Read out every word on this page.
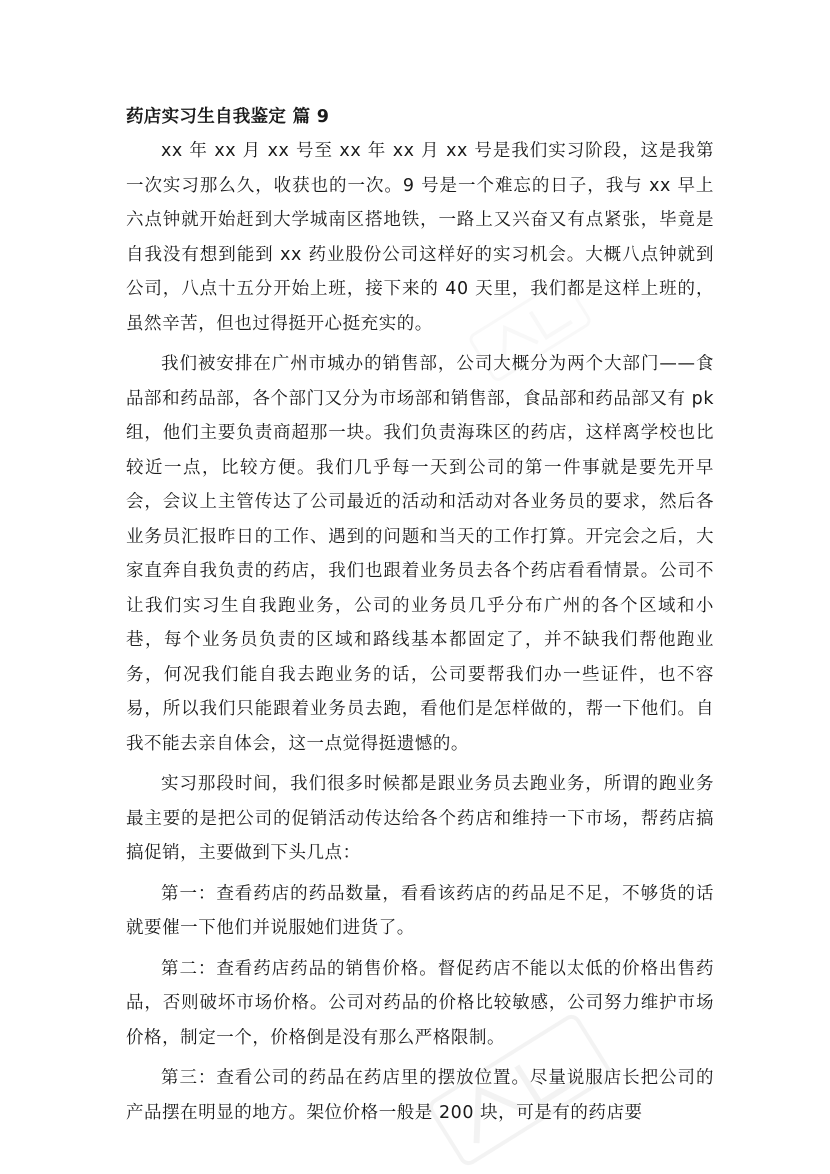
药店实习生自我鉴定 篇 9

xx 年 xx 月 xx 号至 xx 年 xx 月 xx 号是我们实习阶段，这是我第一次实习那么久，收获也的一次。9 号是一个难忘的日子，我与 xx 早上六点钟就开始赶到大学城南区搭地铁，一路上又兴奋又有点紧张，毕竟是自我没有想到能到 xx 药业股份公司这样好的实习机会。大概八点钟就到公司，八点十五分开始上班，接下来的 40 天里，我们都是这样上班的，虽然辛苦，但也过得挺开心挺充实的。

我们被安排在广州市城办的销售部，公司大概分为两个大部门——食品部和药品部，各个部门又分为市场部和销售部，食品部和药品部又有 pk 组，他们主要负责商超那一块。我们负责海珠区的药店，这样离学校也比较近一点，比较方便。我们几乎每一天到公司的第一件事就是要先开早会，会议上主管传达了公司最近的活动和活动对各业务员的要求，然后各业务员汇报昨日的工作、遇到的问题和当天的工作打算。开完会之后，大家直奔自我负责的药店，我们也跟着业务员去各个药店看看情景。公司不让我们实习生自我跑业务，公司的业务员几乎分布广州的各个区域和小巷，每个业务员负责的区域和路线基本都固定了，并不缺我们帮他跑业务，何况我们能自我去跑业务的话，公司要帮我们办一些证件，也不容易，所以我们只能跟着业务员去跑，看他们是怎样做的，帮一下他们。自我不能去亲自体会，这一点觉得挺遗憾的。

实习那段时间，我们很多时候都是跟业务员去跑业务，所谓的跑业务最主要的是把公司的促销活动传达给各个药店和维持一下市场，帮药店搞搞促销，主要做到下头几点：

第一：查看药店的药品数量，看看该药店的药品足不足，不够货的话就要催一下他们并说服她们进货了。

第二：查看药店药品的销售价格。督促药店不能以太低的价格出售药品，否则破坏市场价格。公司对药品的价格比较敏感，公司努力维护市场价格，制定一个，价格倒是没有那么严格限制。

第三：查看公司的药品在药店里的摆放位置。尽量说服店长把公司的产品摆在明显的地方。架位价格一般是 200 块，可是有的药店要
